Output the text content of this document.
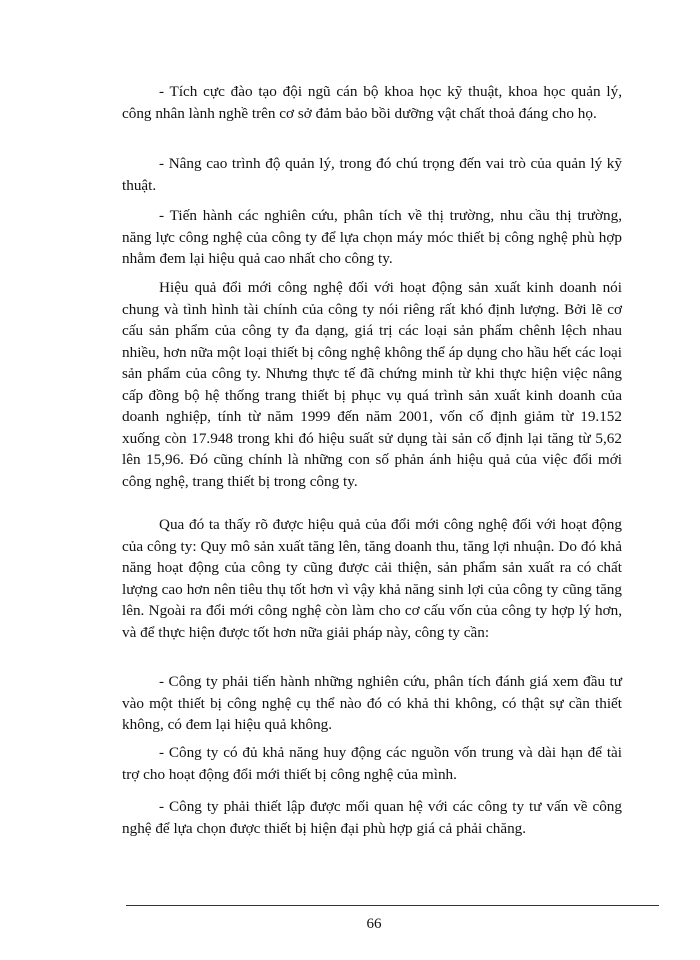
- Tích cực đào tạo đội ngũ cán bộ khoa học kỹ thuật, khoa học quản lý, công nhân lành nghề trên cơ sở đảm bảo bồi dưỡng vật chất thoả đáng cho họ.

- Nâng cao trình độ quản lý, trong đó chú trọng đến vai trò của quản lý kỹ thuật.

- Tiến hành các nghiên cứu, phân tích về thị trường, nhu cầu thị trường, năng lực công nghệ của công ty để lựa chọn máy móc thiết bị công nghệ phù hợp nhằm đem lại hiệu quả cao nhất cho công ty.

Hiệu quả đổi mới công nghệ đối với hoạt động sản xuất kinh doanh nói chung và tình hình tài chính của công ty nói riêng rất khó định lượng. Bởi lẽ cơ cấu sản phẩm của công ty đa dạng, giá trị các loại sản phẩm chênh lệch nhau nhiều, hơn nữa một loại thiết bị công nghệ không thể áp dụng cho hầu hết các loại sản phẩm của công ty. Nhưng thực tế đã chứng minh từ khi thực hiện việc nâng cấp đồng bộ hệ thống trang thiết bị phục vụ quá trình sản xuất kinh doanh của doanh nghiệp, tính từ năm 1999 đến năm 2001, vốn cố định giảm từ 19.152 xuống còn 17.948 trong khi đó hiệu suất sử dụng tài sản cố định lại tăng từ 5,62 lên 15,96. Đó cũng chính là những con số phản ánh hiệu quả của việc đổi mới công nghệ, trang thiết bị trong công ty.

Qua đó ta thấy rõ được hiệu quả của đổi mới công nghệ đối với hoạt động của công ty: Quy mô sản xuất tăng lên, tăng doanh thu, tăng lợi nhuận. Do đó khả năng hoạt động của công ty cũng được cải thiện, sản phẩm sản xuất ra có chất lượng cao hơn nên tiêu thụ tốt hơn vì vậy khả năng sinh lợi của công ty cũng tăng lên. Ngoài ra đổi mới công nghệ còn làm cho cơ cấu vốn của công ty hợp lý hơn, và để thực hiện được tốt hơn nữa giải pháp này, công ty cần:

- Công ty phải tiến hành những nghiên cứu, phân tích đánh giá xem đầu tư vào một thiết bị công nghệ cụ thể nào đó có khả thi không, có thật sự cần thiết không, có đem lại hiệu quả không.

- Công ty có đủ khả năng huy động các nguồn vốn trung và dài hạn để tài trợ cho hoạt động đổi mới thiết bị công nghệ của mình.

- Công ty phải thiết lập được mối quan hệ với các công ty tư vấn về công nghệ để lựa chọn được thiết bị hiện đại phù hợp giá cả phải chăng.

66
